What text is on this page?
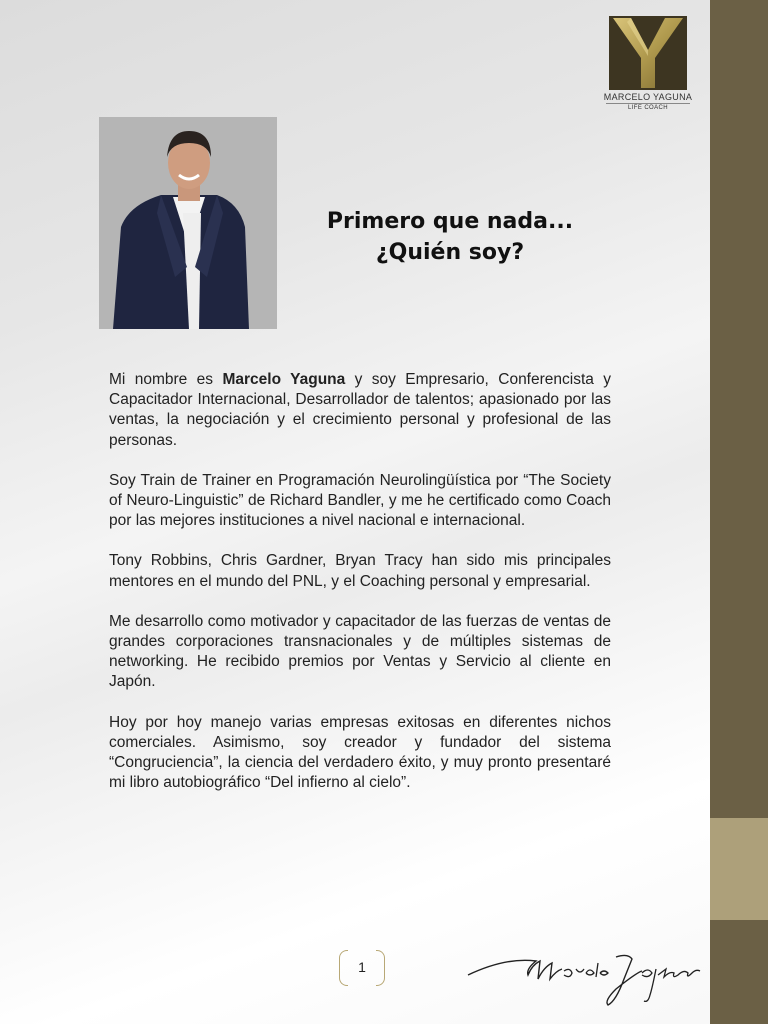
MARCELO YAGUNA
LIFE COACH
Primero que nada...
¿Quién soy?

Mi nombre es Marcelo Yaguna y soy Empresario, Conferencista y Capacitador Internacional, Desarrollador de talentos; apasionado por las ventas, la negociación y el crecimiento personal y profesional de las personas.

Soy Train de Trainer en Programación Neurolingüística por “The Society of Neuro-Linguistic” de Richard Bandler, y me he certificado como Coach por las mejores instituciones a nivel nacional e internacional.

Tony Robbins, Chris Gardner, Bryan Tracy han sido mis principales mentores en el mundo del PNL, y el Coaching personal y empresarial.

Me desarrollo como motivador y capacitador de las fuerzas de ventas de grandes corporaciones transnacionales y de múltiples sistemas de networking. He recibido premios por Ventas y Servicio al cliente en Japón.

Hoy por hoy manejo varias empresas exitosas en diferentes nichos comerciales. Asimismo, soy creador y fundador del sistema “Congruciencia”, la ciencia del verdadero éxito, y muy pronto presentaré mi libro autobiográfico “Del infierno al cielo”.

1
